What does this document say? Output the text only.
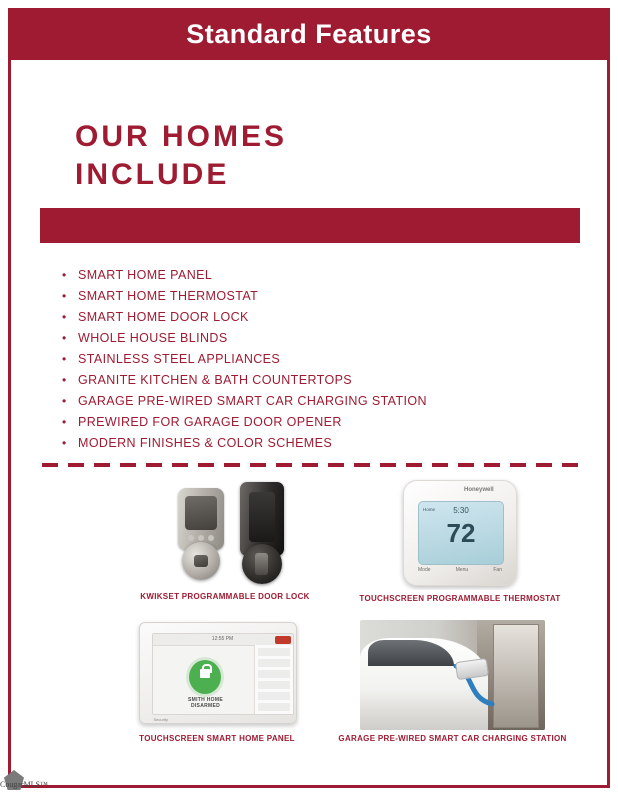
Standard Features
OUR HOMES
INCLUDE
• SMART HOME PANEL
• SMART HOME THERMOSTAT
• SMART HOME DOOR LOCK
• WHOLE HOUSE BLINDS
• STAINLESS STEEL APPLIANCES
• GRANITE KITCHEN & BATH COUNTERTOPS
• GARAGE PRE-WIRED SMART CAR CHARGING STATION
• PREWIRED FOR GARAGE DOOR OPENER
• MODERN FINISHES & COLOR SCHEMES
KWIKSET PROGRAMMABLE DOOR LOCK
Honeywell
Home	5:30
72
Mode	Menu	Fan
TOUCHSCREEN PROGRAMMABLE THERMOSTAT
12:55 PM
SMITH HOME
DISARMED
Security
TOUCHSCREEN SMART HOME PANEL	GARAGE PRE-WIRED SMART CAR CHARGING STATION
CougarMLS™
